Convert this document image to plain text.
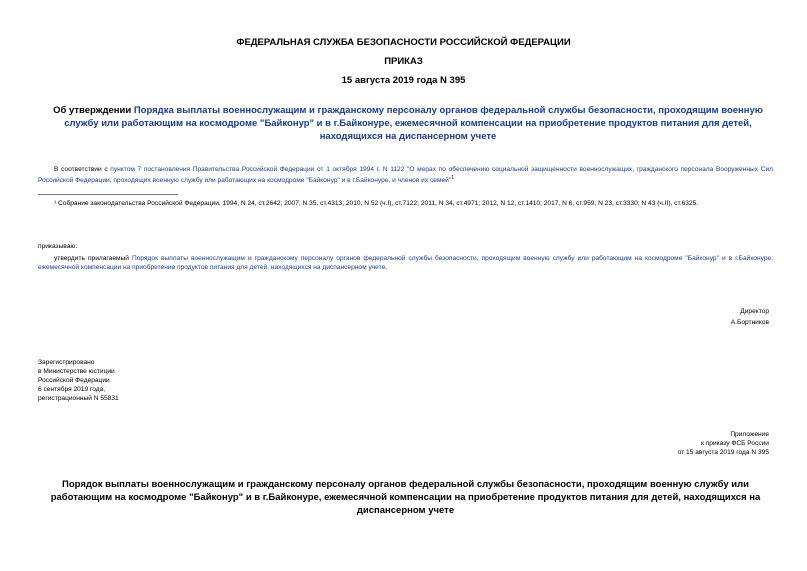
ФЕДЕРАЛЬНАЯ СЛУЖБА БЕЗОПАСНОСТИ РОССИЙСКОЙ ФЕДЕРАЦИИ
ПРИКАЗ
15 августа 2019 года N 395
Об утверждении Порядка выплаты военнослужащим и гражданскому персоналу органов федеральной службы безопасности, проходящим военную службу или работающим на космодроме "Байконур" и в г.Байконуре, ежемесячной компенсации на приобретение продуктов питания для детей, находящихся на диспансерном учете
В соответствии с пунктом 7 постановления Правительства Российской Федерации от 1 октября 1994 г. N 1122 "О мерах по обеспечению социальной защищенности военнослужащих, гражданского персонала Вооруженных Сил Российской Федерации, проходящих военную службу или работающих на космодроме "Байконур" и в г.Байконуре, и членов их семей"$^1$
¹ Собрание законодательства Российской Федерации, 1994, N 24, ст.2642; 2007, N 35, ст.4313; 2010, N 52 (ч.I), ст.7122; 2011, N 34, ст.4971; 2012, N 12, ст.1410; 2017, N 6, ст.959; N 23, ст.3330; N 43 (ч.II), ст.6325.
приказываю:
утвердить прилагаемый Порядок выплаты военнослужащим и гражданскому персоналу органов федеральной службы безопасности, проходящим военную службу или работающим на космодроме "Байконур" и в г.Байконуре, ежемесячной компенсации на приобретение продуктов питания для детей, находящихся на диспансерном учете.
Директор
А.Бортников
Зарегистрировано
в Министерстве юстиции
Российской Федерации
6 сентября 2019 года,
регистрационный N 55831
Приложение
к приказу ФСБ России
от 15 августа 2019 года N 395
Порядок выплаты военнослужащим и гражданскому персоналу органов федеральной службы безопасности, проходящим военную службу или работающим на космодроме "Байконур" и в г.Байконуре, ежемесячной компенсации на приобретение продуктов питания для детей, находящихся на диспансерном учете
